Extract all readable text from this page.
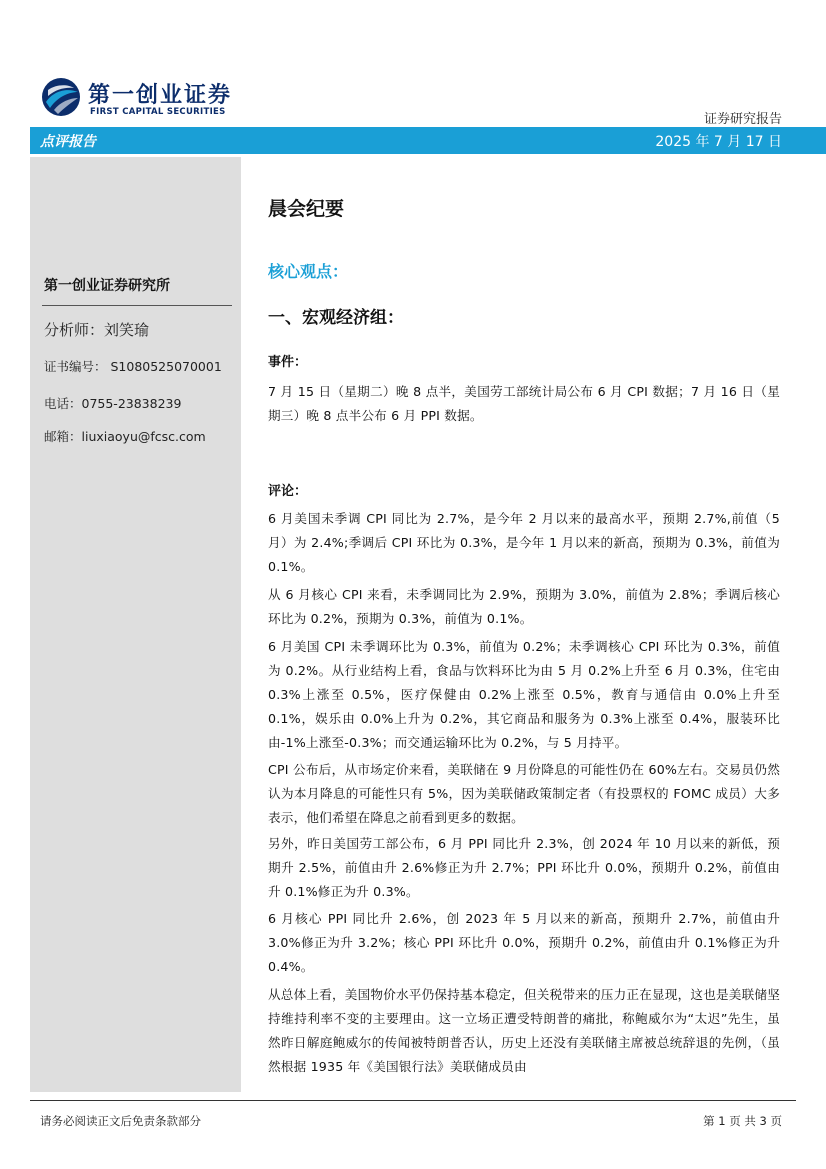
第一创业证券
FIRST CAPITAL SECURITIES	证券研究报告
点评报告	2025 年 7 月 17 日
第一创业证券研究所
分析师：刘笑瑜
证书编号： S1080525070001
电话：0755-23838239
邮箱：liuxiaoyu@fcsc.com
晨会纪要
核心观点：
一、宏观经济组：
事件：
7 月 15 日（星期二）晚 8 点半，美国劳工部统计局公布 6 月 CPI 数据；7 月 16 日（星期三）晚 8 点半公布 6 月 PPI 数据。
评论：
6 月美国未季调 CPI 同比为 2.7%，是今年 2 月以来的最高水平，预期 2.7%,前值（5 月）为 2.4%;季调后 CPI 环比为 0.3%，是今年 1 月以来的新高，预期为 0.3%，前值为 0.1%。
从 6 月核心 CPI 来看，未季调同比为 2.9%，预期为 3.0%，前值为 2.8%；季调后核心环比为 0.2%，预期为 0.3%，前值为 0.1%。
6 月美国 CPI 未季调环比为 0.3%，前值为 0.2%；未季调核心 CPI 环比为 0.3%，前值为 0.2%。从行业结构上看，食品与饮料环比为由 5 月 0.2%上升至 6 月 0.3%，住宅由 0.3%上涨至 0.5%，医疗保健由 0.2%上涨至 0.5%，教育与通信由 0.0%上升至 0.1%，娱乐由 0.0%上升为 0.2%，其它商品和服务为 0.3%上涨至 0.4%，服装环比由-1%上涨至-0.3%；而交通运输环比为 0.2%，与 5 月持平。
CPI 公布后，从市场定价来看，美联储在 9 月份降息的可能性仍在 60%左右。交易员仍然认为本月降息的可能性只有 5%，因为美联储政策制定者（有投票权的 FOMC 成员）大多表示，他们希望在降息之前看到更多的数据。
另外，昨日美国劳工部公布，6 月 PPI 同比升 2.3%，创 2024 年 10 月以来的新低，预期升 2.5%，前值由升 2.6%修正为升 2.7%；PPI 环比升 0.0%，预期升 0.2%，前值由升 0.1%修正为升 0.3%。
6 月核心 PPI 同比升 2.6%，创 2023 年 5 月以来的新高，预期升 2.7%，前值由升 3.0%修正为升 3.2%；核心 PPI 环比升 0.0%，预期升 0.2%，前值由升 0.1%修正为升 0.4%。
从总体上看，美国物价水平仍保持基本稳定，但关税带来的压力正在显现，这也是美联储坚持维持利率不变的主要理由。这一立场正遭受特朗普的痛批，称鲍威尔为“太迟”先生，虽然昨日解庭鲍威尔的传闻被特朗普否认，历史上还没有美联储主席被总统辞退的先例，（虽然根据 1935 年《美国银行法》美联储成员由
请务必阅读正文后免责条款部分	第 1 页 共 3 页
